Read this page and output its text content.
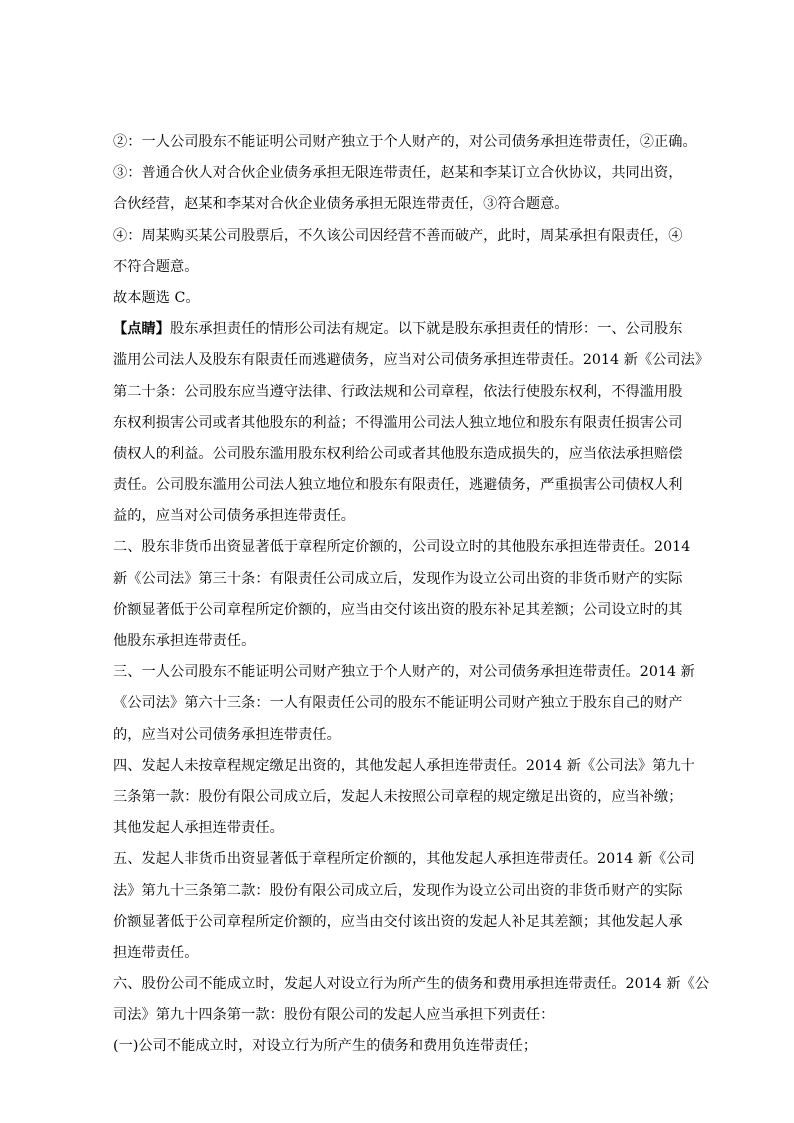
②：一人公司股东不能证明公司财产独立于个人财产的，对公司债务承担连带责任，②正确。
③：普通合伙人对合伙企业债务承担无限连带责任，赵某和李某订立合伙协议，共同出资，
合伙经营，赵某和李某对合伙企业债务承担无限连带责任，③符合题意。
④：周某购买某公司股票后，不久该公司因经营不善而破产，此时，周某承担有限责任，④
不符合题意。
故本题选 C。
【点睛】股东承担责任的情形公司法有规定。以下就是股东承担责任的情形：一、公司股东
滥用公司法人及股东有限责任而逃避债务，应当对公司债务承担连带责任。2014 新《公司法》
第二十条：公司股东应当遵守法律、行政法规和公司章程，依法行使股东权利，不得滥用股
东权利损害公司或者其他股东的利益；不得滥用公司法人独立地位和股东有限责任损害公司
债权人的利益。公司股东滥用股东权利给公司或者其他股东造成损失的，应当依法承担赔偿
责任。公司股东滥用公司法人独立地位和股东有限责任，逃避债务，严重损害公司债权人利
益的，应当对公司债务承担连带责任。
二、股东非货币出资显著低于章程所定价额的，公司设立时的其他股东承担连带责任。2014
新《公司法》第三十条：有限责任公司成立后，发现作为设立公司出资的非货币财产的实际
价额显著低于公司章程所定价额的，应当由交付该出资的股东补足其差额；公司设立时的其
他股东承担连带责任。
三、一人公司股东不能证明公司财产独立于个人财产的，对公司债务承担连带责任。2014 新
《公司法》第六十三条：一人有限责任公司的股东不能证明公司财产独立于股东自己的财产
的，应当对公司债务承担连带责任。
四、发起人未按章程规定缴足出资的，其他发起人承担连带责任。2014 新《公司法》第九十
三条第一款：股份有限公司成立后，发起人未按照公司章程的规定缴足出资的，应当补缴；
其他发起人承担连带责任。
五、发起人非货币出资显著低于章程所定价额的，其他发起人承担连带责任。2014 新《公司
法》第九十三条第二款：股份有限公司成立后，发现作为设立公司出资的非货币财产的实际
价额显著低于公司章程所定价额的，应当由交付该出资的发起人补足其差额；其他发起人承
担连带责任。
六、股份公司不能成立时，发起人对设立行为所产生的债务和费用承担连带责任。2014 新《公
司法》第九十四条第一款：股份有限公司的发起人应当承担下列责任：
(一)公司不能成立时，对设立行为所产生的债务和费用负连带责任；
